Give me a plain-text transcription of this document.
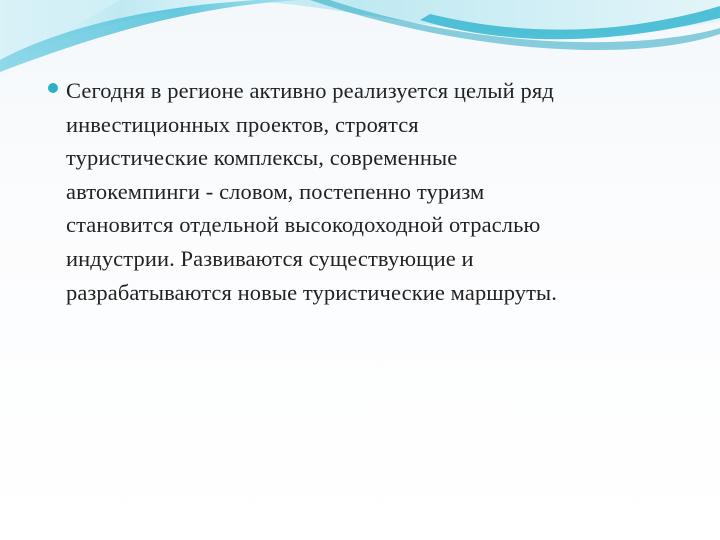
Сегодня в регионе активно реализуется целый ряд
инвестиционных проектов, строятся
туристические комплексы, современные
автокемпинги - словом, постепенно туризм
становится отдельной высокодоходной отраслью
индустрии. Развиваются существующие и
разрабатываются новые туристические маршруты.
